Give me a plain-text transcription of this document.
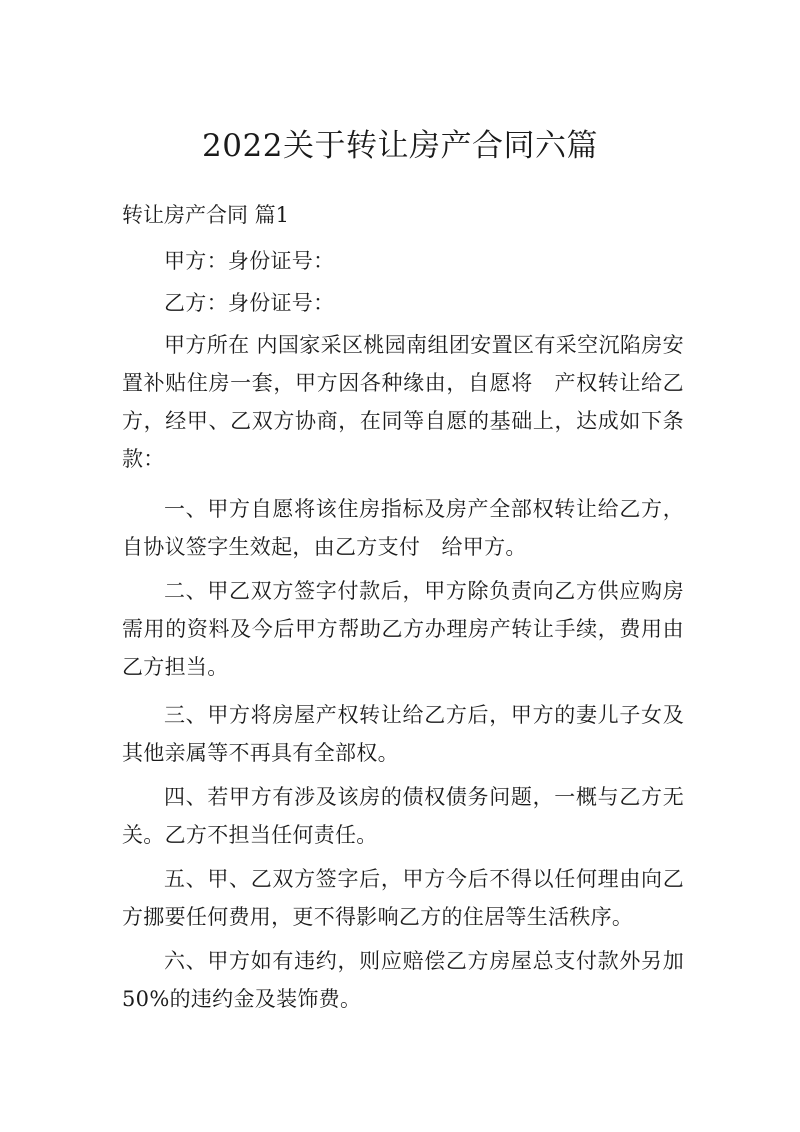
2022关于转让房产合同六篇
转让房产合同 篇1

甲方：身份证号：

乙方：身份证号：

甲方所在 内国家采区桃园南组团安置区有采空沉陷房安置补贴住房一套，甲方因各种缘由，自愿将　产权转让给乙方，经甲、乙双方协商，在同等自愿的基础上，达成如下条款：

一、甲方自愿将该住房指标及房产全部权转让给乙方，自协议签字生效起，由乙方支付　给甲方。

二、甲乙双方签字付款后，甲方除负责向乙方供应购房需用的资料及今后甲方帮助乙方办理房产转让手续，费用由乙方担当。

三、甲方将房屋产权转让给乙方后，甲方的妻儿子女及其他亲属等不再具有全部权。

四、若甲方有涉及该房的债权债务问题，一概与乙方无关。乙方不担当任何责任。

五、甲、乙双方签字后，甲方今后不得以任何理由向乙方挪要任何费用，更不得影响乙方的住居等生活秩序。

六、甲方如有违约，则应赔偿乙方房屋总支付款外另加50%的违约金及装饰费。
